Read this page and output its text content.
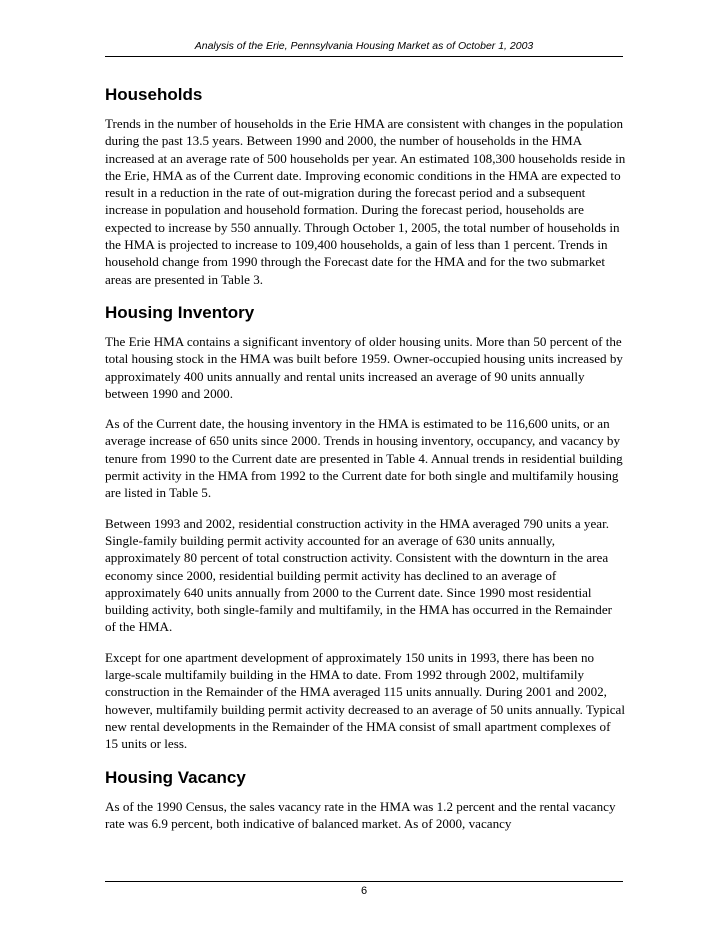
Analysis of the Erie, Pennsylvania Housing Market as of October 1, 2003
Households

Trends in the number of households in the Erie HMA are consistent with changes in the population during the past 13.5 years. Between 1990 and 2000, the number of households in the HMA increased at an average rate of 500 households per year. An estimated 108,300 households reside in the Erie, HMA as of the Current date. Improving economic conditions in the HMA are expected to result in a reduction in the rate of out-migration during the forecast period and a subsequent increase in population and household formation. During the forecast period, households are expected to increase by 550 annually. Through October 1, 2005, the total number of households in the HMA is projected to increase to 109,400 households, a gain of less than 1 percent. Trends in household change from 1990 through the Forecast date for the HMA and for the two submarket areas are presented in Table 3.

Housing Inventory

The Erie HMA contains a significant inventory of older housing units. More than 50 percent of the total housing stock in the HMA was built before 1959. Owner-occupied housing units increased by approximately 400 units annually and rental units increased an average of 90 units annually between 1990 and 2000.

As of the Current date, the housing inventory in the HMA is estimated to be 116,600 units, or an average increase of 650 units since 2000. Trends in housing inventory, occupancy, and vacancy by tenure from 1990 to the Current date are presented in Table 4. Annual trends in residential building permit activity in the HMA from 1992 to the Current date for both single and multifamily housing are listed in Table 5.

Between 1993 and 2002, residential construction activity in the HMA averaged 790 units a year. Single-family building permit activity accounted for an average of 630 units annually, approximately 80 percent of total construction activity. Consistent with the downturn in the area economy since 2000, residential building permit activity has declined to an average of approximately 640 units annually from 2000 to the Current date. Since 1990 most residential building activity, both single-family and multifamily, in the HMA has occurred in the Remainder of the HMA.

Except for one apartment development of approximately 150 units in 1993, there has been no large-scale multifamily building in the HMA to date. From 1992 through 2002, multifamily construction in the Remainder of the HMA averaged 115 units annually. During 2001 and 2002, however, multifamily building permit activity decreased to an average of 50 units annually. Typical new rental developments in the Remainder of the HMA consist of small apartment complexes of 15 units or less.

Housing Vacancy

As of the 1990 Census, the sales vacancy rate in the HMA was 1.2 percent and the rental vacancy rate was 6.9 percent, both indicative of balanced market. As of 2000, vacancy

6
